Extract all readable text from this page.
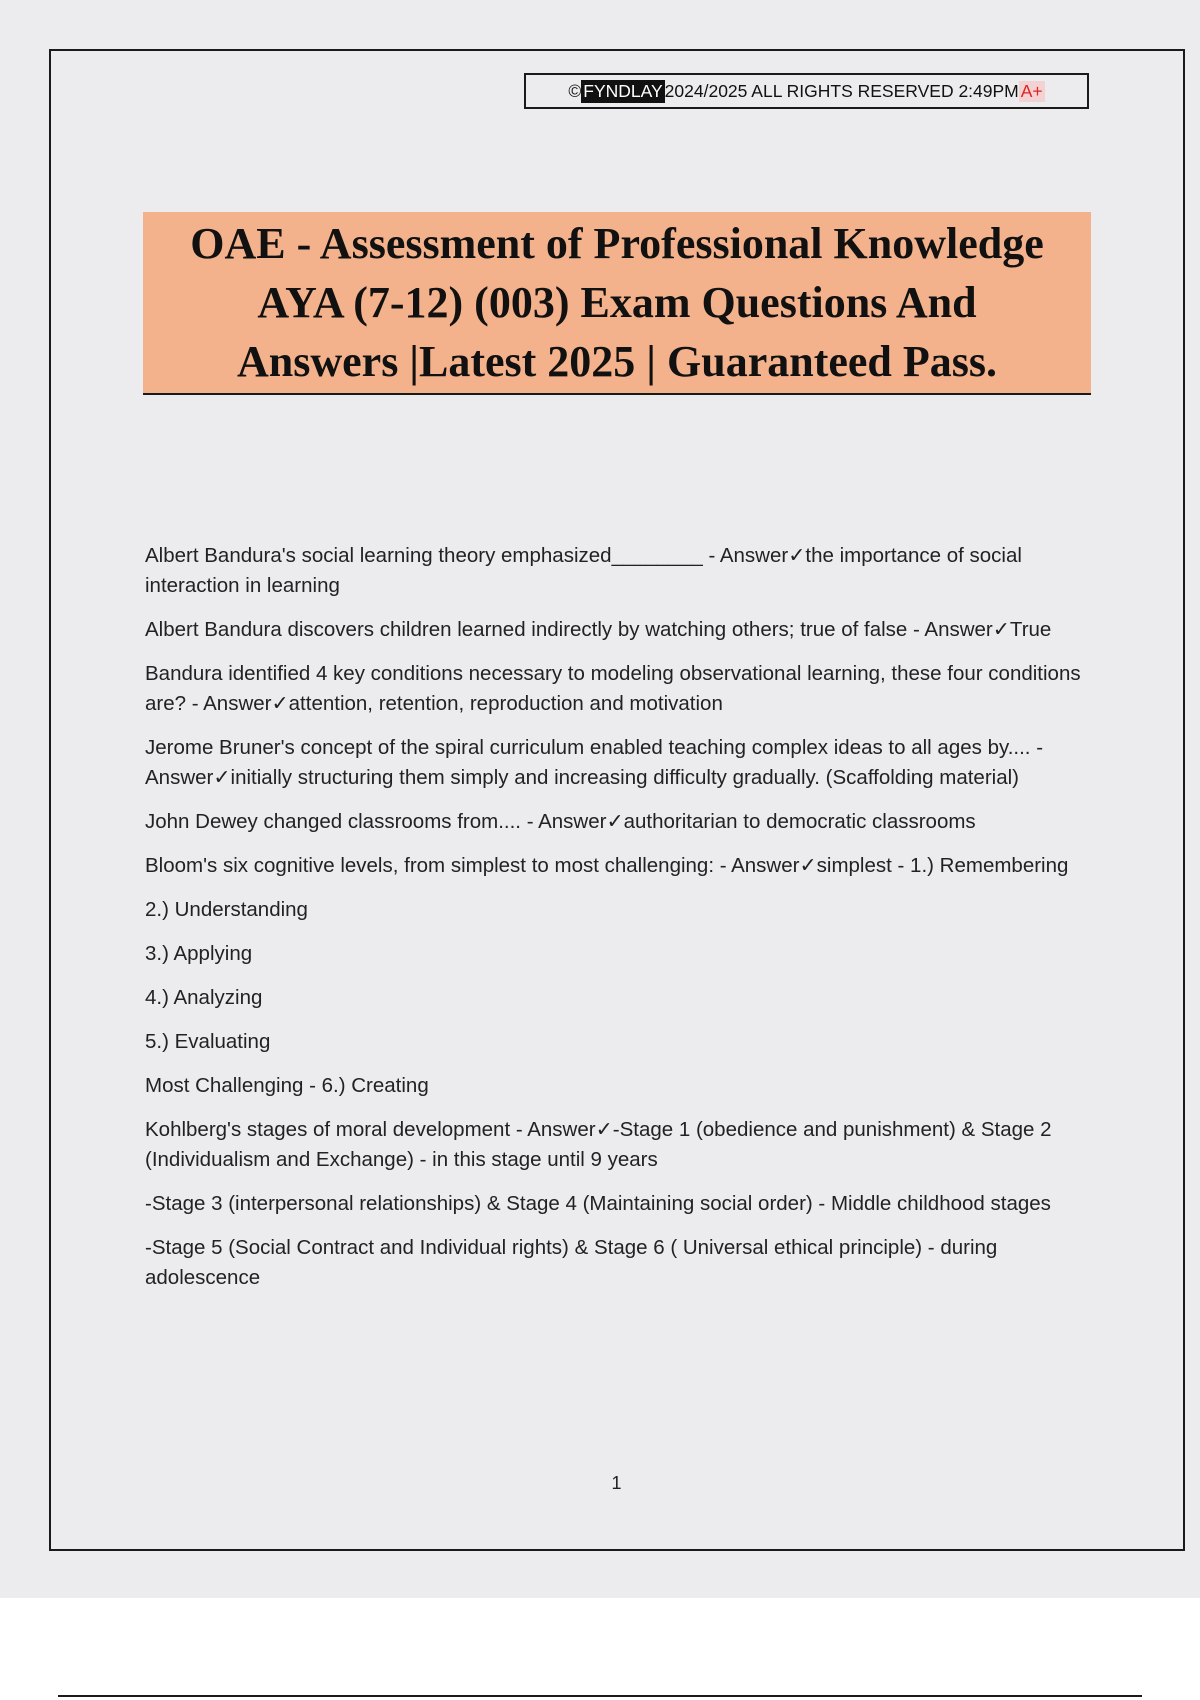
© FYNDLAY 2024/2025 ALL RIGHTS RESERVED 2:49PM A+
OAE - Assessment of Professional Knowledge
AYA (7-12) (003) Exam Questions And
Answers |Latest 2025 | Guaranteed Pass.

Albert Bandura's social learning theory emphasized________ - Answer✓the importance of social interaction in learning

Albert Bandura discovers children learned indirectly by watching others; true of false - Answer✓True

Bandura identified 4 key conditions necessary to modeling observational learning, these four conditions are? - Answer✓attention, retention, reproduction and motivation

Jerome Bruner's concept of the spiral curriculum enabled teaching complex ideas to all ages by.... - Answer✓initially structuring them simply and increasing difficulty gradually. (Scaffolding material)

John Dewey changed classrooms from.... - Answer✓authoritarian to democratic classrooms

Bloom's six cognitive levels, from simplest to most challenging: - Answer✓simplest - 1.) Remembering

2.) Understanding

3.) Applying

4.) Analyzing

5.) Evaluating

Most Challenging - 6.) Creating

Kohlberg's stages of moral development - Answer✓-Stage 1 (obedience and punishment) & Stage 2 (Individualism and Exchange) - in this stage until 9 years

-Stage 3 (interpersonal relationships) & Stage 4 (Maintaining social order) - Middle childhood stages

-Stage 5 (Social Contract and Individual rights) & Stage 6 ( Universal ethical principle) - during adolescence

1
